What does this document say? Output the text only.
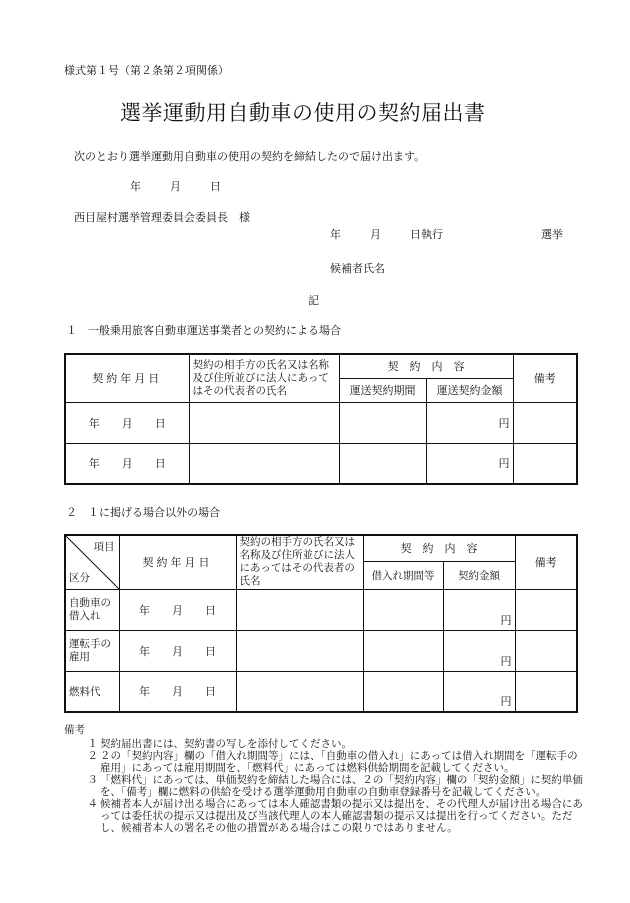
様式第１号（第２条第２項関係）
選挙運動用自動車の使用の契約届出書
次のとおり選挙運動用自動車の使用の契約を締結したので届け出ます。
年	月	日
西目屋村選挙管理委員会委員長　様
年	月	日執行	選挙
候補者氏名
記
１　一般乗用旅客自動車運送事業者との契約による場合
契約年月日	契約の相手方の氏名又は名称及び住所並びに法人にあってはその代表者の氏名	契　約　内　容		備考
		運送契約期間	運送契約金額	
年 月 日			円	
年 月 日			円	
２　１に掲げる場合以外の場合
項目
区分	契約年月日	契約の相手方の氏名又は名称及び住所並びに法人にあってはその代表者の氏名	契　約　内　容		備考
			借入れ期間等	契約金額	
自動車の借入れ	年 月 日			円	
運転手の雇用	年 月 日			円	
燃料代	年 月 日			円	
備考
１ 契約届出書には、契約書の写しを添付してください。
２ ２の「契約内容」欄の「借入れ期間等」には、「自動車の借入れ」にあっては借入れ期間を「運転手の雇用」にあっては雇用期間を、「燃料代」にあっては燃料供給期間を記載してください。
３ 「燃料代」にあっては、単価契約を締結した場合には、２の「契約内容」欄の「契約金額」に契約単価を、「備考」欄に燃料の供給を受ける選挙運動用自動車の自動車登録番号を記載してください。
４ 候補者本人が届け出る場合にあっては本人確認書類の提示又は提出を、その代理人が届け出る場合にあっては委任状の提示又は提出及び当該代理人の本人確認書類の提示又は提出を行ってください。ただし、候補者本人の署名その他の措置がある場合はこの限りではありません。
